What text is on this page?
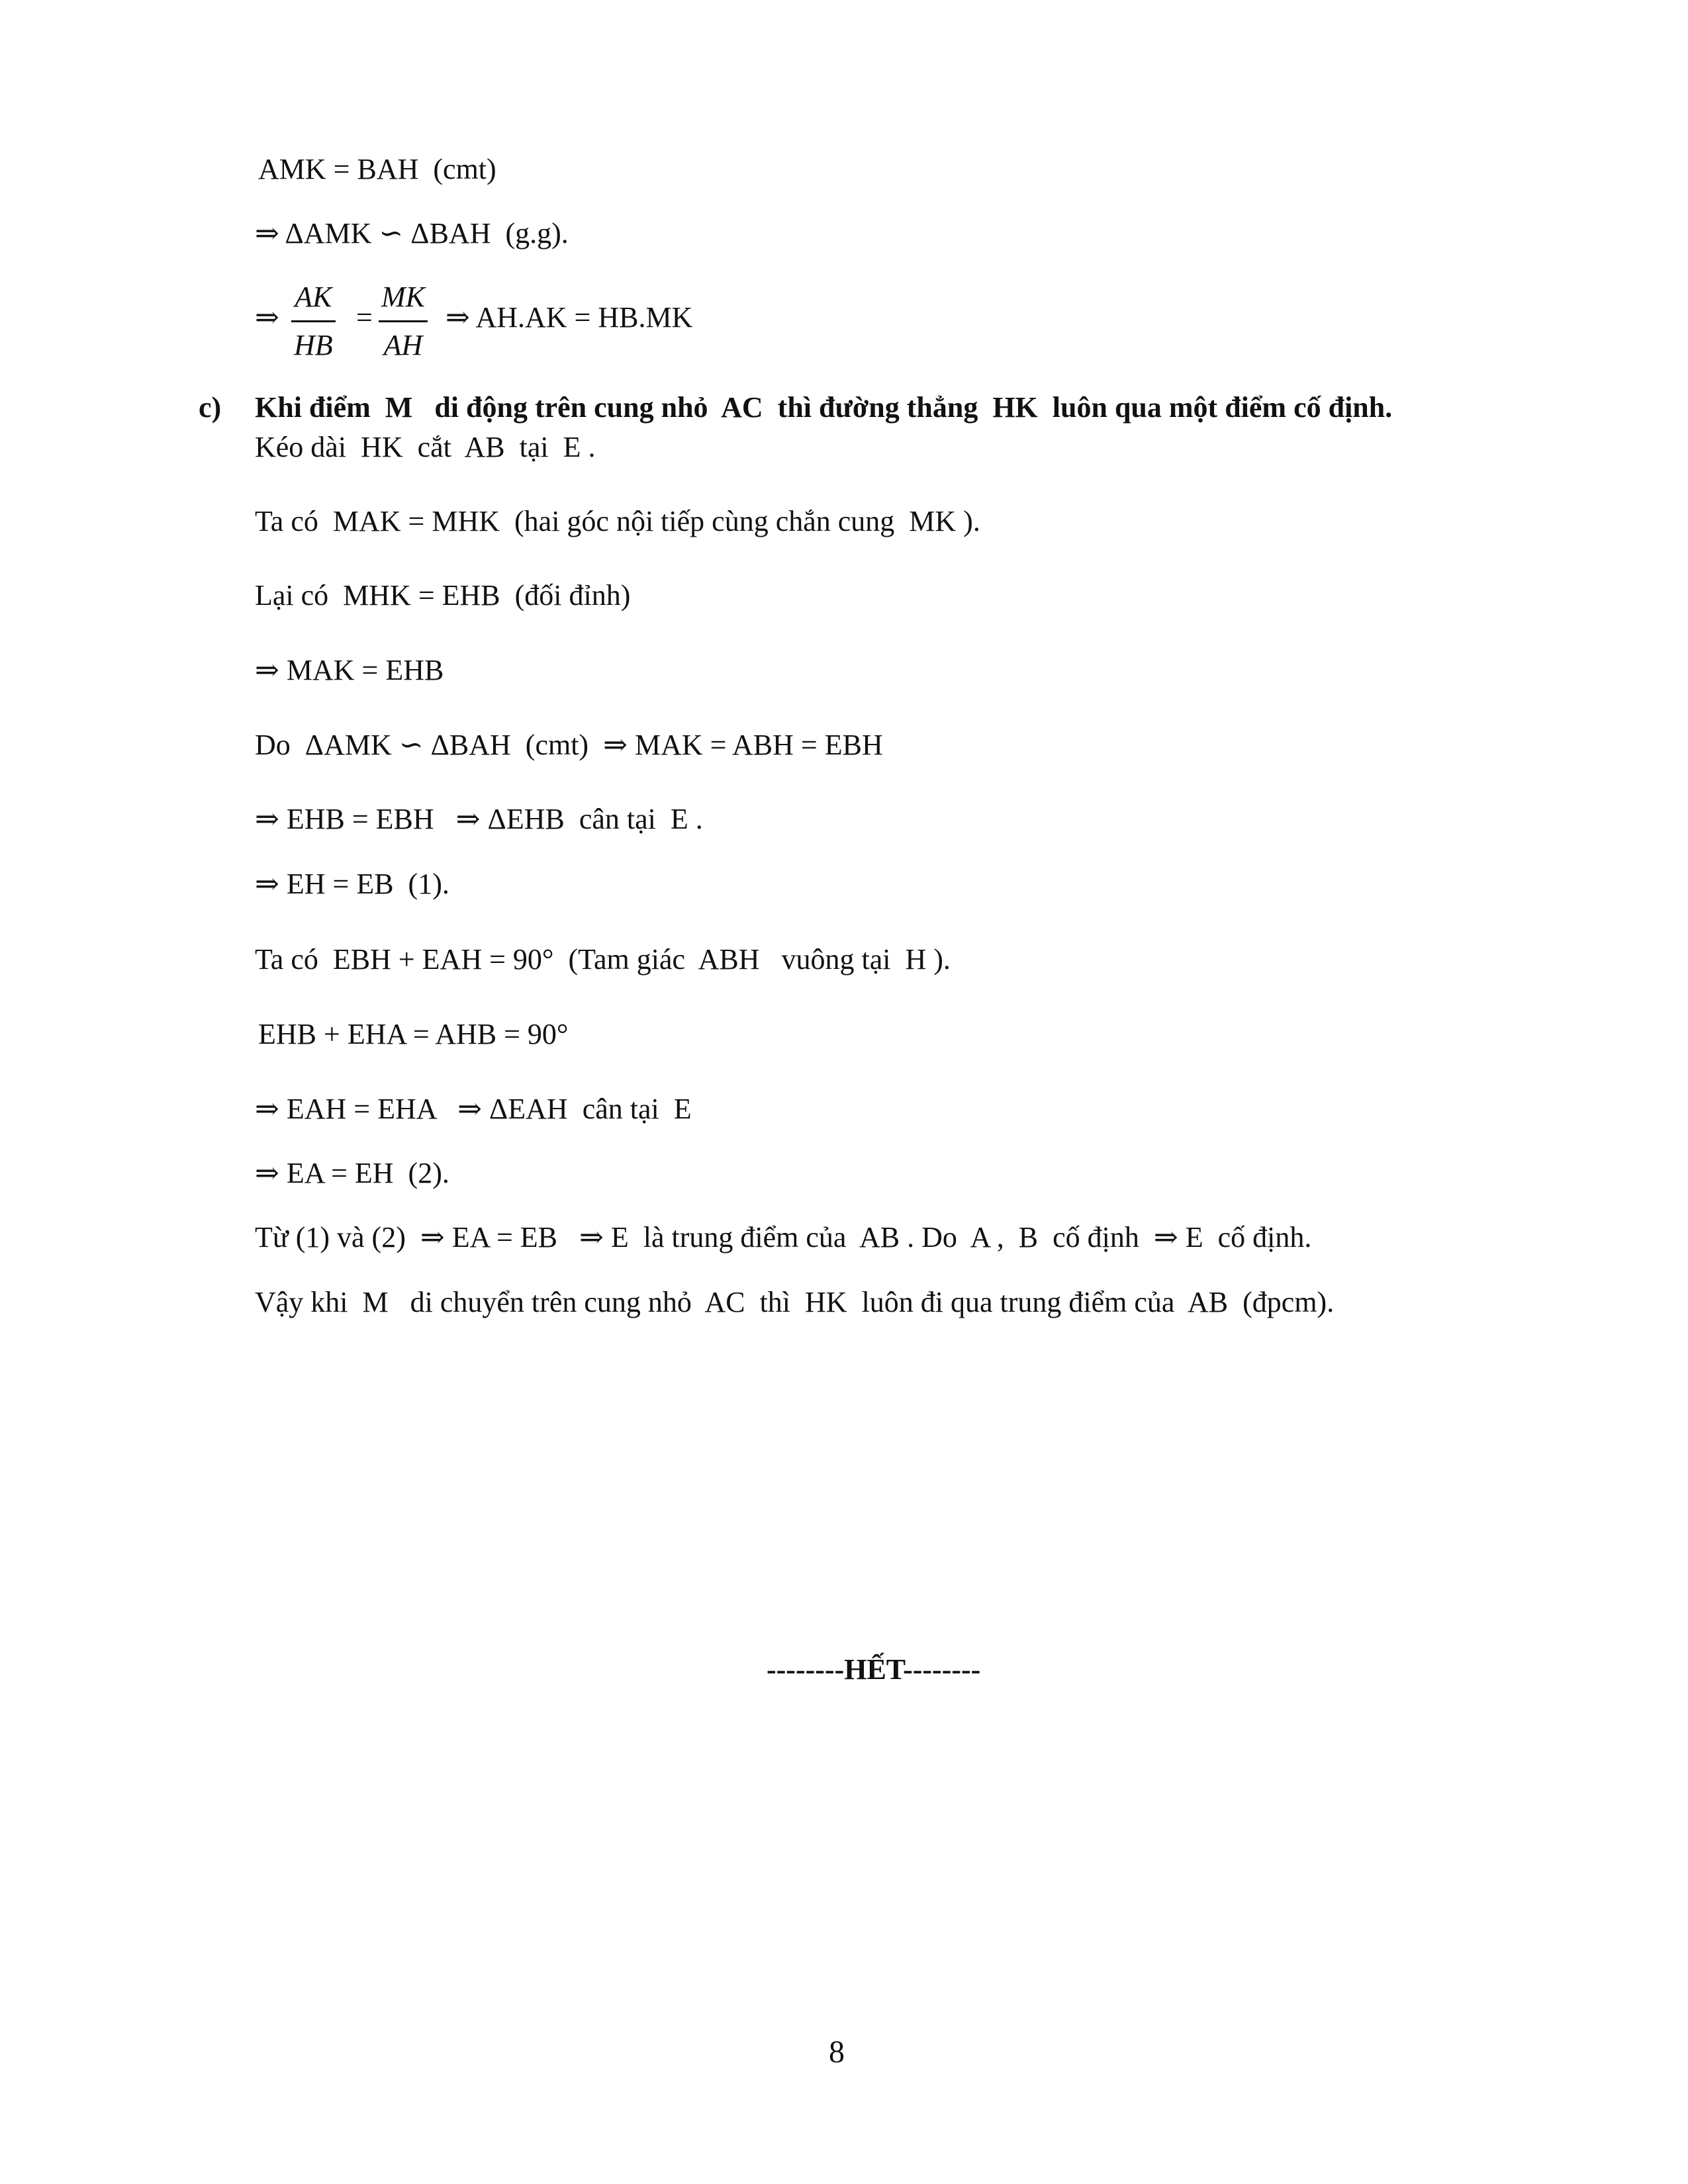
AMK = BAH  (cmt)
⇒ ΔAMK ∽ ΔBAH  (g.g).
⇒
AK
HB
=
MK
AH
⇒ AH.AK = HB.MK
c) Khi điểm  M   di động trên cung nhỏ  AC  thì đường thẳng  HK  luôn qua một điểm cố định.
Kéo dài  HK  cắt  AB  tại  E .
Ta có  MAK = MHK  (hai góc nội tiếp cùng chắn cung  MK ).
Lại có  MHK = EHB  (đối đỉnh)
⇒ MAK = EHB
Do  ΔAMK ∽ ΔBAH  (cmt)  ⇒ MAK = ABH = EBH
⇒ EHB = EBH   ⇒ ΔEHB  cân tại  E .
⇒ EH = EB  (1).
Ta có  EBH + EAH = 90°  (Tam giác  ABH   vuông tại  H ).
EHB + EHA = AHB = 90°
⇒ EAH = EHA   ⇒ ΔEAH  cân tại  E
⇒ EA = EH  (2).
Từ (1) và (2)  ⇒ EA = EB   ⇒ E  là trung điểm của  AB . Do  A ,  B  cố định  ⇒ E  cố định.
Vậy khi  M   di chuyển trên cung nhỏ  AC  thì  HK  luôn đi qua trung điểm của  AB  (đpcm).
--------HẾT--------
8
